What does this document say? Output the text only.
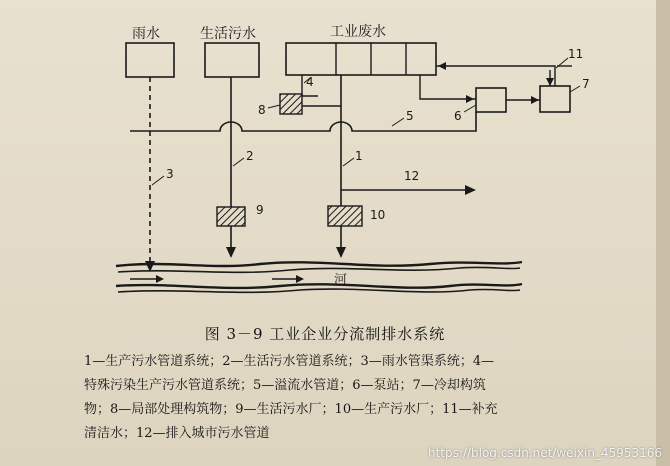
雨水	生活污水	工业废水
河
1
2
3
4
5	6
7
8
9	10
11
12
图 3－9 工业企业分流制排水系统
1—生产污水管道系统；2—生活污水管道系统；3—雨水管渠系统；4—
特殊污染生产污水管道系统；5—溢流水管道；6—泵站；7—冷却构筑
物；8—局部处理构筑物；9—生活污水厂；10—生产污水厂；11—补充
清洁水；12—排入城市污水管道
https://blog.csdn.net/weixin_45953166
